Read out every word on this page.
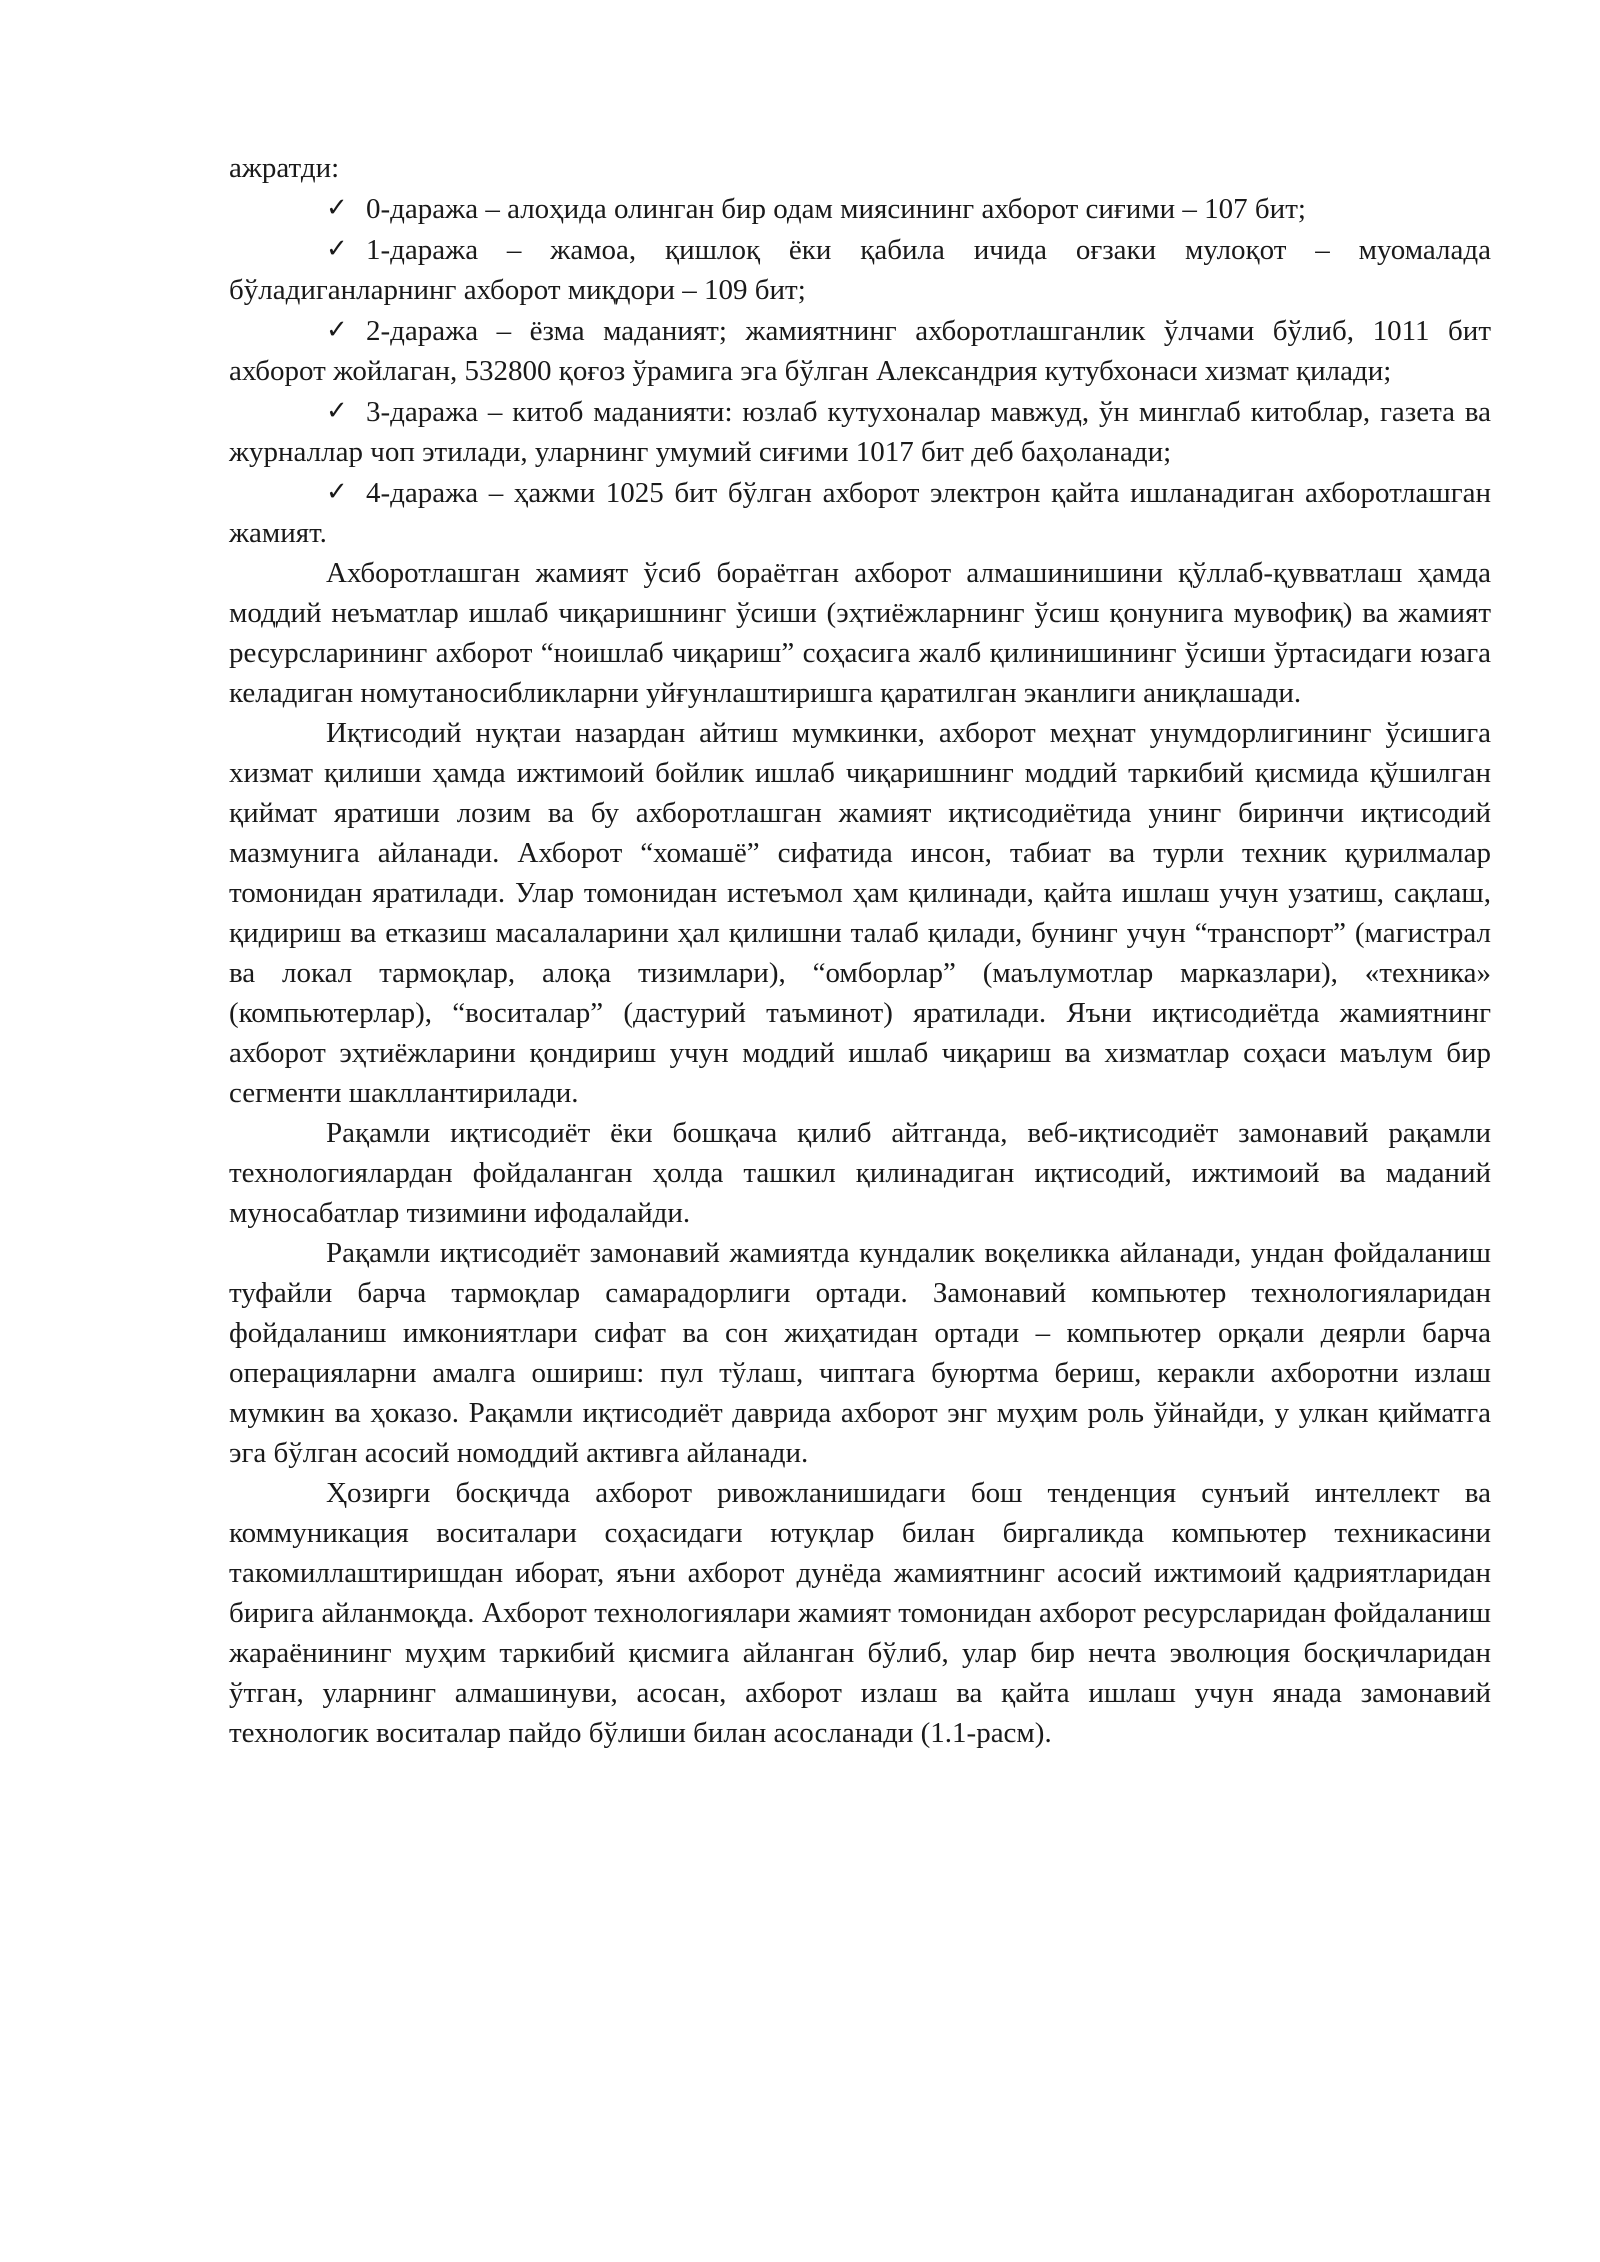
ажратди:

✓ 0-даража – алоҳида олинган бир одам миясининг ахборот сиғими – 107 бит;

✓ 1-даража – жамоа, қишлоқ ёки қабила ичида оғзаки мулоқот – муомалада бўладиганларнинг ахборот миқдори – 109 бит;

✓ 2-даража – ёзма маданият; жамиятнинг ахборотлашганлик ўлчами бўлиб, 1011 бит ахборот жойлаган, 532800 қоғоз ўрамига эга бўлган Александрия кутубхонаси хизмат қилади;

✓ 3-даража – китоб маданияти: юзлаб кутухоналар мавжуд, ўн минглаб китоблар, газета ва журналлар чоп этилади, уларнинг умумий сиғими 1017 бит деб баҳоланади;

✓ 4-даража – ҳажми 1025 бит бўлган ахборот электрон қайта ишланадиган ахборотлашган жамият.

Ахборотлашган жамият ўсиб бораётган ахборот алмашинишини қўллаб-қувватлаш ҳамда моддий неъматлар ишлаб чиқаришнинг ўсиши (эҳтиёжларнинг ўсиш қонунига мувофиқ) ва жамият ресурсларининг ахборот “ноишлаб чиқариш” соҳасига жалб қилинишининг ўсиши ўртасидаги юзага келадиган номутаносибликларни уйғунлаштиришга қаратилган эканлиги аниқлашади.

Иқтисодий нуқтаи назардан айтиш мумкинки, ахборот меҳнат унумдорлигининг ўсишига хизмат қилиши ҳамда ижтимоий бойлик ишлаб чиқаришнинг моддий таркибий қисмида қўшилган қиймат яратиши лозим ва бу ахборотлашган жамият иқтисодиётида унинг биринчи иқтисодий мазмунига айланади. Ахборот “хомашё” сифатида инсон, табиат ва турли техник қурилмалар томонидан яратилади. Улар томонидан истеъмол ҳам қилинади, қайта ишлаш учун узатиш, сақлаш, қидириш ва етказиш масалаларини ҳал қилишни талаб қилади, бунинг учун “транспорт” (магистрал ва локал тармоқлар, алоқа тизимлари), “омборлар” (маълумотлар марказлари), «техника» (компьютерлар), “воситалар” (дастурий таъминот) яратилади. Яъни иқтисодиётда жамиятнинг ахборот эҳтиёжларини қондириш учун моддий ишлаб чиқариш ва хизматлар соҳаси маълум бир сегменти шакллантирилади.

Рақамли иқтисодиёт ёки бошқача қилиб айтганда, веб-иқтисодиёт замонавий рақамли технологиялардан фойдаланган ҳолда ташкил қилинадиган иқтисодий, ижтимоий ва маданий муносабатлар тизимини ифодалайди.

Рақамли иқтисодиёт замонавий жамиятда кундалик воқеликка айланади, ундан фойдаланиш туфайли барча тармоқлар самарадорлиги ортади. Замонавий компьютер технологияларидан фойдаланиш имкониятлари сифат ва сон жиҳатидан ортади – компьютер орқали деярли барча операцияларни амалга ошириш: пул тўлаш, чиптага буюртма бериш, керакли ахборотни излаш мумкин ва ҳоказо. Рақамли иқтисодиёт даврида ахборот энг муҳим роль ўйнайди, у улкан қийматга эга бўлган асосий номоддий активга айланади.

Ҳозирги босқичда ахборот ривожланишидаги бош тенденция сунъий интеллект ва коммуникация воситалари соҳасидаги ютуқлар билан биргаликда компьютер техникасини такомиллаштиришдан иборат, яъни ахборот дунёда жамиятнинг асосий ижтимоий қадриятларидан бирига айланмоқда. Ахборот технологиялари жамият томонидан ахборот ресурсларидан фойдаланиш жараёнининг муҳим таркибий қисмига айланган бўлиб, улар бир нечта эволюция босқичларидан ўтган, уларнинг алмашинуви, асосан, ахборот излаш ва қайта ишлаш учун янада замонавий технологик воситалар пайдо бўлиши билан асосланади (1.1-расм).
